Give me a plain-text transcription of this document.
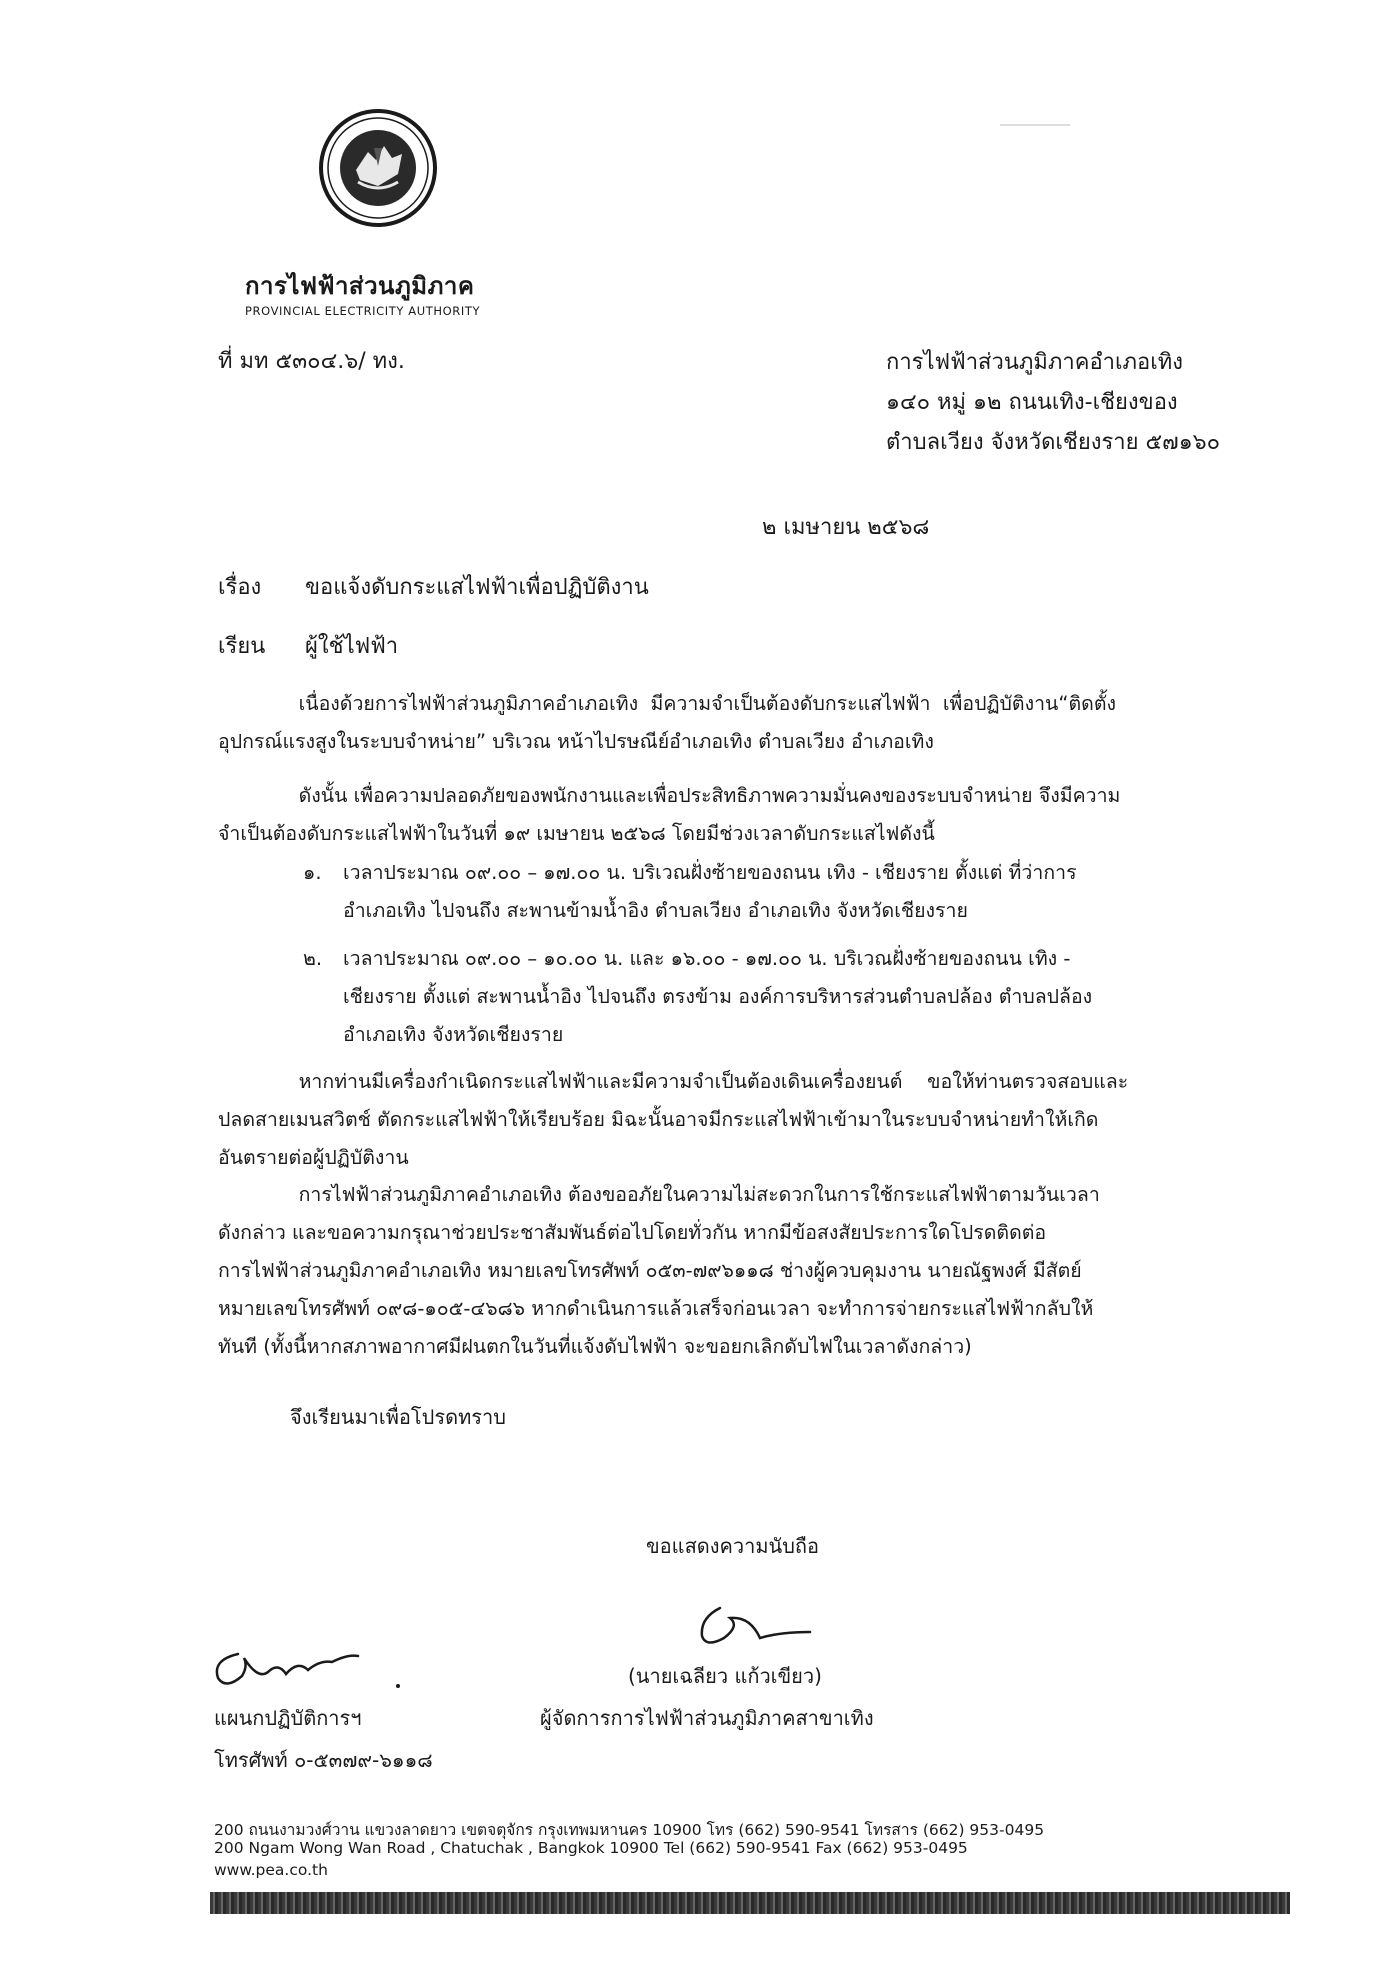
การไฟฟ้าส่วนภูมิภาค
PROVINCIAL ELECTRICITY AUTHORITY
ที่ มท ๕๓๐๔.๖/ ทง.	การไฟฟ้าส่วนภูมิภาคอำเภอเทิง
๑๔๐ หมู่ ๑๒ ถนนเทิง-เชียงของ
ตำบลเวียง จังหวัดเชียงราย ๕๗๑๖๐
๒ เมษายน ๒๕๖๘
เรื่อง ขอแจ้งดับกระแสไฟฟ้าเพื่อปฏิบัติงาน
เรียน ผู้ใช้ไฟฟ้า
เนื่องด้วยการไฟฟ้าส่วนภูมิภาคอำเภอเทิง  มีความจำเป็นต้องดับกระแสไฟฟ้า  เพื่อปฏิบัติงาน“ติดตั้ง
อุปกรณ์แรงสูงในระบบจำหน่าย” บริเวณ หน้าไปรษณีย์อำเภอเทิง ตำบลเวียง อำเภอเทิง
ดังนั้น เพื่อความปลอดภัยของพนักงานและเพื่อประสิทธิภาพความมั่นคงของระบบจำหน่าย จึงมีความ
จำเป็นต้องดับกระแสไฟฟ้าในวันที่ ๑๙ เมษายน ๒๕๖๘ โดยมีช่วงเวลาดับกระแสไฟดังนี้
๑. เวลาประมาณ ๐๙.๐๐ – ๑๗.๐๐ น. บริเวณฝั่งซ้ายของถนน เทิง - เชียงราย ตั้งแต่ ที่ว่าการ
อำเภอเทิง ไปจนถึง สะพานข้ามน้ำอิง ตำบลเวียง อำเภอเทิง จังหวัดเชียงราย
๒. เวลาประมาณ ๐๙.๐๐ – ๑๐.๐๐ น. และ ๑๖.๐๐ - ๑๗.๐๐ น. บริเวณฝั่งซ้ายของถนน เทิง -
เชียงราย ตั้งแต่ สะพานน้ำอิง ไปจนถึง ตรงข้าม องค์การบริหารส่วนตำบลปล้อง ตำบลปล้อง
อำเภอเทิง จังหวัดเชียงราย
หากท่านมีเครื่องกำเนิดกระแสไฟฟ้าและมีความจำเป็นต้องเดินเครื่องยนต์    ขอให้ท่านตรวจสอบและ
ปลดสายเมนสวิตช์ ตัดกระแสไฟฟ้าให้เรียบร้อย มิฉะนั้นอาจมีกระแสไฟฟ้าเข้ามาในระบบจำหน่ายทำให้เกิด
อันตรายต่อผู้ปฏิบัติงาน
การไฟฟ้าส่วนภูมิภาคอำเภอเทิง ต้องขออภัยในความไม่สะดวกในการใช้กระแสไฟฟ้าตามวันเวลา
ดังกล่าว และขอความกรุณาช่วยประชาสัมพันธ์ต่อไปโดยทั่วกัน หากมีข้อสงสัยประการใดโปรดติดต่อ
การไฟฟ้าส่วนภูมิภาคอำเภอเทิง หมายเลขโทรศัพท์ ๐๕๓-๗๙๖๑๑๘ ช่างผู้ควบคุมงาน นายณัฐพงศ์ มีสัตย์
หมายเลขโทรศัพท์ ๐๙๘-๑๐๕-๔๖๘๖ หากดำเนินการแล้วเสร็จก่อนเวลา จะทำการจ่ายกระแสไฟฟ้ากลับให้
ทันที (ทั้งนี้หากสภาพอากาศมีฝนตกในวันที่แจ้งดับไฟฟ้า จะขอยกเลิกดับไฟในเวลาดังกล่าว)
จึงเรียนมาเพื่อโปรดทราบ
ขอแสดงความนับถือ
(นายเฉลียว แก้วเขียว)
ผู้จัดการการไฟฟ้าส่วนภูมิภาคสาขาเทิง
แผนกปฏิบัติการฯ
โทรศัพท์ ๐-๕๓๗๙-๖๑๑๘
200 ถนนงามวงศ์วาน แขวงลาดยาว เขตจตุจักร กรุงเทพมหานคร 10900 โทร (662) 590-9541 โทรสาร (662) 953-0495
200 Ngam Wong Wan Road , Chatuchak , Bangkok 10900 Tel (662) 590-9541 Fax (662) 953-0495
www.pea.co.th
